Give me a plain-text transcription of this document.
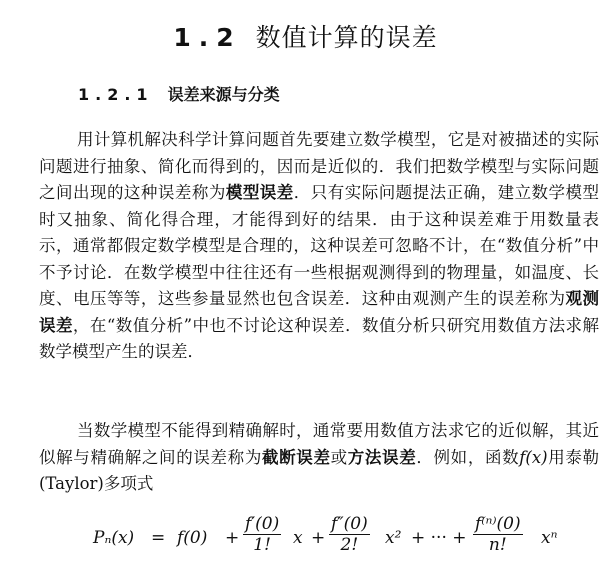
1.2 数值计算的误差
1.2.1 误差来源与分类
用计算机解决科学计算问题首先要建立数学模型，它是对被描述的实际问题进行抽象、简化而得到的，因而是近似的．我们把数学模型与实际问题之间出现的这种误差称为模型误差．只有实际问题提法正确，建立数学模型时又抽象、简化得合理，才能得到好的结果．由于这种误差难于用数量表示，通常都假定数学模型是合理的，这种误差可忽略不计，在“数值分析”中不予讨论．在数学模型中往往还有一些根据观测得到的物理量，如温度、长度、电压等等，这些参量显然也包含误差．这种由观测产生的误差称为观测误差，在“数值分析”中也不讨论这种误差．数值分析只研究用数值方法求解数学模型产生的误差．
当数学模型不能得到精确解时，通常要用数值方法求它的近似解，其近似解与精确解之间的误差称为截断误差或方法误差．例如，函数f(x)用泰勒(Taylor)多项式
$P_n(x) = f(0) + \frac{f'(0)}{1!}$ $x + \frac{f''(0)}{2!} x^2$ + ··· + $\frac{\text{f⁽ⁿ⁾(0)}}{n!}$ xⁿ
